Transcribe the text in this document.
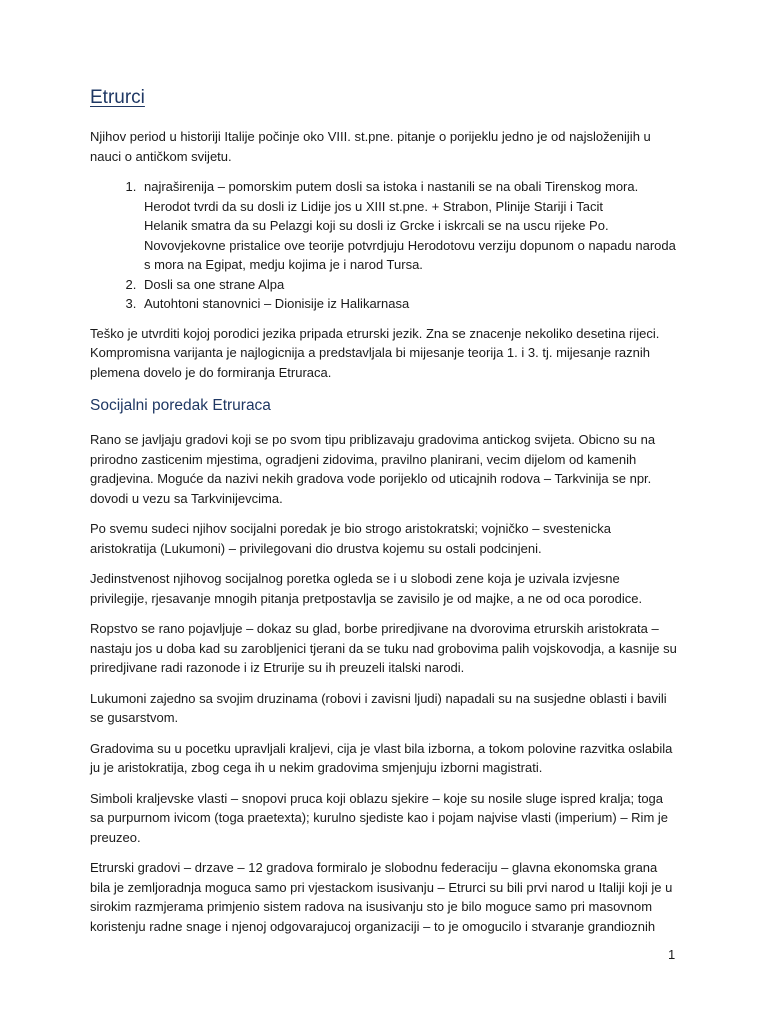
Etrurci

Njihov period u historiji Italije počinje oko VIII. st.pne. pitanje o porijeklu jedno je od najsloženijih u nauci o antičkom svijetu.

1. najraširenija – pomorskim putem dosli sa istoka i nastanili se na obali Tirenskog mora.
Herodot tvrdi da su dosli iz Lidije jos u XIII st.pne. + Strabon, Plinije Stariji i Tacit
Helanik smatra da su Pelazgi koji su dosli iz Grcke i iskrcali se na uscu rijeke Po. Novovjekovne pristalice ove teorije potvrdjuju Herodotovu verziju dopunom o napadu naroda s mora na Egipat, medju kojima je i narod Tursa.
2. Dosli sa one strane Alpa
3. Autohtoni stanovnici – Dionisije iz Halikarnasa

Teško je utvrditi kojoj porodici jezika pripada etrurski jezik. Zna se znacenje nekoliko desetina rijeci. Kompromisna varijanta je najlogicnija a predstavljala bi mijesanje teorija 1. i 3. tj. mijesanje raznih plemena dovelo je do formiranja Etruraca.

Socijalni poredak Etruraca

Rano se javljaju gradovi koji se po svom tipu priblizavaju gradovima antickog svijeta. Obicno su na prirodno zasticenim mjestima, ogradjeni zidovima, pravilno planirani, vecim dijelom od kamenih gradjevina. Moguće da nazivi nekih gradova vode porijeklo od uticajnih rodova – Tarkvinija se npr. dovodi u vezu sa Tarkvinijevcima.

Po svemu sudeci njihov socijalni poredak je bio strogo aristokratski; vojničko – svestenicka aristokratija (Lukumoni) – privilegovani dio drustva kojemu su ostali podcinjeni.

Jedinstvenost njihovog socijalnog poretka ogleda se i u slobodi zene koja je uzivala izvjesne privilegije, rjesavanje mnogih pitanja pretpostavlja se zavisilo je od majke, a ne od oca porodice.

Ropstvo se rano pojavljuje – dokaz su glad, borbe priredjivane na dvorovima etrurskih aristokrata – nastaju jos u doba kad su zarobljenici tjerani da se tuku nad grobovima palih vojskovodja, a kasnije su priredjivane radi razonode i iz Etrurije su ih preuzeli italski narodi.

Lukumoni zajedno sa svojim druzinama (robovi i zavisni ljudi) napadali su na susjedne oblasti i bavili se gusarstvom.

Gradovima su u pocetku upravljali kraljevi, cija je vlast bila izborna, a tokom polovine razvitka oslabila ju je aristokratija, zbog cega ih u nekim gradovima smjenjuju izborni magistrati.

Simboli kraljevske vlasti – snopovi pruca koji oblazu sjekire – koje su nosile sluge ispred kralja; toga sa purpurnom ivicom (toga praetexta); kurulno sjediste kao i pojam najvise vlasti (imperium) – Rim je preuzeo.

Etrurski gradovi – drzave – 12 gradova formiralo je slobodnu federaciju – glavna ekonomska grana bila je zemljoradnja moguca samo pri vjestackom isusivanju – Etrurci su bili prvi narod u Italiji koji je u sirokim razmjerama primjenio sistem radova na isusivanju sto je bilo moguce samo pri masovnom koristenju radne snage i njenoj odgovarajucoj organizaciji – to je omogucilo i stvaranje grandioznih

1
